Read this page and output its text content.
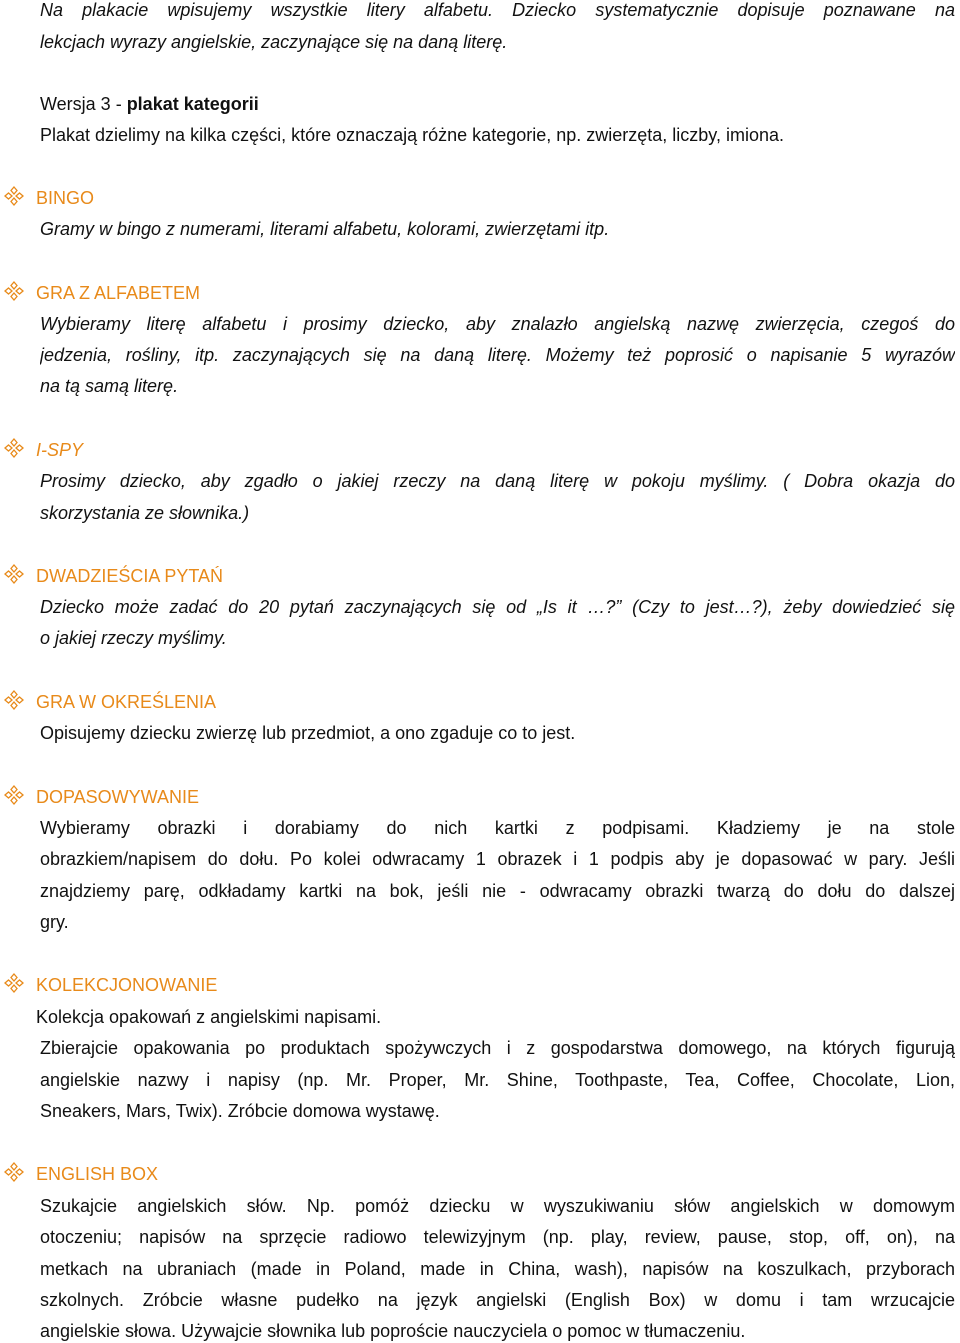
Na plakacie wpisujemy wszystkie litery alfabetu. Dziecko systematycznie dopisuje poznawane na
lekcjach wyrazy angielskie, zaczynające się na daną literę.
Wersja 3 - plakat kategorii
Plakat dzielimy na kilka części, które oznaczają różne kategorie, np. zwierzęta, liczby, imiona.
BINGO
Gramy w bingo z numerami, literami alfabetu, kolorami, zwierzętami itp.
GRA Z ALFABETEM
Wybieramy literę alfabetu i prosimy dziecko, aby znalazło angielską nazwę zwierzęcia, czegoś do
jedzenia, rośliny, itp. zaczynających się na daną literę. Możemy też poprosić o napisanie 5 wyrazów
na tą samą literę.
I-SPY
Prosimy dziecko, aby zgadło o jakiej rzeczy na daną literę w pokoju myślimy. ( Dobra okazja do
skorzystania ze słownika.)
DWADZIEŚCIA PYTAŃ
Dziecko może zadać do 20 pytań zaczynających się od „Is it …?” (Czy to jest…?), żeby dowiedzieć się
o jakiej rzeczy myślimy.
GRA W OKREŚLENIA
Opisujemy dziecku zwierzę lub przedmiot, a ono zgaduje co to jest.
DOPASOWYWANIE
Wybieramy obrazki i dorabiamy do nich kartki z podpisami. Kładziemy je na stole
obrazkiem/napisem do dołu. Po kolei odwracamy 1 obrazek i 1 podpis aby je dopasować w pary. Jeśli
znajdziemy parę, odkładamy kartki na bok, jeśli nie - odwracamy obrazki twarzą do dołu do dalszej
gry.
KOLEKCJONOWANIE
Kolekcja opakowań z angielskimi napisami.
Zbierajcie opakowania po produktach spożywczych i z gospodarstwa domowego, na których figurują
angielskie nazwy i napisy (np. Mr. Proper, Mr. Shine, Toothpaste, Tea, Coffee, Chocolate, Lion,
Sneakers, Mars, Twix). Zróbcie domowa wystawę.
ENGLISH BOX
Szukajcie angielskich słów. Np. pomóż dziecku w wyszukiwaniu słów angielskich w domowym
otoczeniu; napisów na sprzęcie radiowo telewizyjnym (np. play, review, pause, stop, off, on), na
metkach na ubraniach (made in Poland, made in China, wash), napisów na koszulkach, przyborach
szkolnych. Zróbcie własne pudełko na język angielski (English Box) w domu i tam wrzucajcie
angielskie słowa. Używajcie słownika lub poproście nauczyciela o pomoc w tłumaczeniu.
